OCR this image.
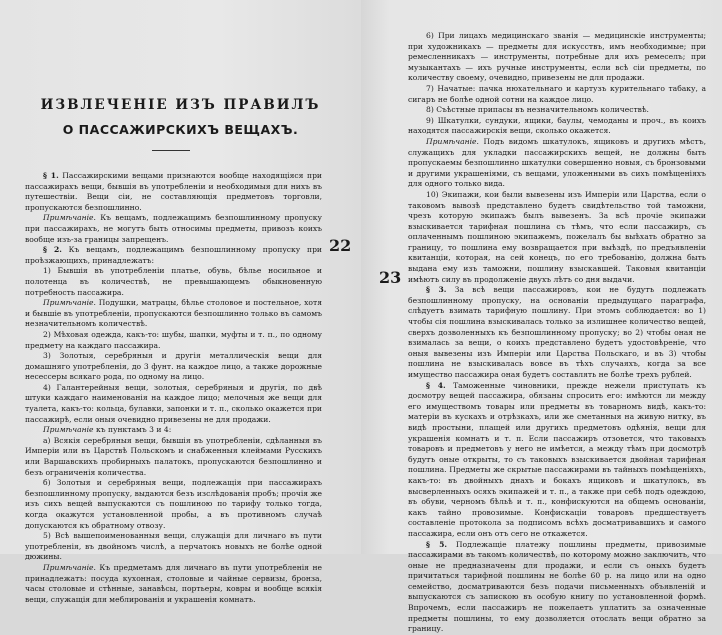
ИЗВЛЕЧЕНІЕ ИЗЪ ПРАВИЛЪ
О ПАССАЖИРСКИХЪ ВЕЩАХЪ.

§ 1. Пассажирскими вещами признаются вообще находящіяся при пассажирахъ вещи, бывшія въ употребленіи и необходимыя для нихъ въ путешествіи. Вещи сіи, не составляющія предметовъ торговли, пропускаются безпошлинно.

Примѣчаніе. Къ вещамъ, подлежащимъ безпошлинному пропуску при пассажирахъ, не могутъ быть относимы предметы, привозъ коихъ вообще изъ-за границы запрещенъ.

§ 2. Къ вещамъ, подлежащимъ безпошлинному пропуску при проѣзжающихъ, принадлежатъ:

1) Бывшія въ употребленіи платье, обувь, бѣлье носильное и полотенца въ количествѣ, не превышающемъ обыкновенную потребность пассажира.

Примѣчаніе. Подушки, матрацы, бѣлье столовое и постельное, хотя и бывшіе въ употребленіи, пропускаются безпошлинно только въ самомъ незначительномъ количествѣ.

2) Мѣховая одежда, какъ-то: шубы, шапки, муфты и т. п., по одному предмету на каждаго пассажира.

3) Золотыя, серебряныя и другія металлическія вещи для домашняго употребленія, до 3 фунт. на каждое лицо, а также дорожные несессеры всякаго рода, по одному на лицо.

4) Галантерейныя вещи, золотыя, серебряныя и другія, по двѣ штуки каждаго наименованія на каждое лицо; мелочныя же вещи для туалета, какъ-то: кольца, булавки, запонки и т. п., сколько окажется при пассажирѣ, если оныя очевидно привезены не для продажи.

Примѣчаніе къ пунктамъ 3 и 4:

а) Всякія серебряныя вещи, бывшія въ употребленіи, сдѣланныя въ Имперіи или въ Царствѣ Польскомъ и снабженныя клеймами Русскихъ или Варшавскихъ пробирныхъ палатокъ, пропускаются безпошлинно и безъ ограниченія количества.

б) Золотыя и серебряныя вещи, подлежащія при пассажирахъ безпошлинному пропуску, выдаются безъ изслѣдованія пробъ; прочія же изъ сихъ вещей выпускаются съ пошлиною по тарифу только тогда, когда окажутся установленной пробы, а въ противномъ случаѣ допускаются къ обратному отвозу.

5) Всѣ вышепоименованныя вещи, служащія для личнаго въ пути употребленія, въ двойномъ числѣ, а перчатокъ новыхъ не болѣе одной дюжины.

Примѣчаніе. Къ предметамъ для личнаго въ пути употребленія не принадлежатъ: посуда кухонная, столовые и чайные сервизы, бронза, часы столовые и стѣнные, занавѣсы, портьеры, ковры и вообще всякія вещи, служащія для меблированія и украшенія комнатъ.

22

6) При лицахъ медицинскаго званія — медицинскіе инструменты; при художникахъ — предметы для искусствъ, имъ необходимые; при ремесленникахъ — инструменты, потребные для ихъ ремеселъ; при музыкантахъ — ихъ ручные инструменты, если всѣ сіи предметы, по количеству своему, очевидно, привезены не для продажи.

7) Начатые: пачка нюхательнаго и картузъ курительнаго табаку, а сигаръ не болѣе одной сотни на каждое лицо.

8) Съѣстные припасы въ незначительномъ количествѣ.

9) Шкатулки, сундуки, ящики, баулы, чемоданы и проч., въ коихъ находятся пассажирскія вещи, сколько окажется.

Примѣчаніе. Подъ видомъ шкатулокъ, ящиковъ и другихъ мѣстъ, служащихъ для укладки пассажирскихъ вещей, не должны быть пропускаемы безпошлинно шкатулки совершенно новыя, съ бронзовыми и другими украшеніями, съ вещами, уложенными въ сихъ помѣщеніяхъ для одного только вида.

10) Экипажи, кои были вывезены изъ Имперіи или Царства, если о таковомъ вывозѣ представлено будетъ свидѣтельство той таможни, чрезъ которую экипажъ былъ вывезенъ. За всѣ прочіе экипажи взыскивается тарифная пошлина съ тѣмъ, что если пассажиръ, съ оплаченнымъ пошлиною экипажемъ, пожелалъ бы выѣхать обратно за границу, то пошлина ему возвращается при выѣздѣ, по предъявленіи квитанціи, которая, на сей конецъ, по его требованію, должна быть выдана ему изъ таможни, пошлину взыскавшей. Таковыя квитанціи имѣютъ силу въ продолженіе двухъ лѣтъ со дня выдачи.

§ 3. За всѣ вещи пассажировъ, кои не будутъ подлежать безпошлинному пропуску, на основаніи предыдущаго параграфа, слѣдуетъ взимать тарифную пошлину. При этомъ соблюдается: во 1) чтобы сія пошлина взыскивалась только за излишнее количество вещей, сверхъ дозволенныхъ къ безпошлинному пропуску; во 2) чтобы оная не взималась за вещи, о коихъ представлено будетъ удостовѣреніе, что оныя вывезены изъ Имперіи или Царства Польскаго, и въ 3) чтобы пошлина не взыскивалась вовсе въ тѣхъ случаяхъ, когда за все имущество пассажира оная будетъ составлять не болѣе трехъ рублей.

§ 4. Таможенные чиновники, прежде нежели приступать къ досмотру вещей пассажира, обязаны спросить его: имѣются ли между его имуществомъ товары или предметы въ товарномъ видѣ, какъ-то: матеріи въ кускахъ и отрѣзкахъ, или же сметанныя на живую нитку, въ видѣ простыни, плащей или другихъ предметовъ одѣянія, вещи для украшенія комнатъ и т. п. Если пассажиръ отзовется, что таковыхъ товаровъ и предметовъ у него не имѣется, а между тѣмъ при досмотрѣ будутъ оные открыты, то съ таковыхъ взыскивается двойная тарифная пошлина. Предметы же скрытые пассажирами въ тайныхъ помѣщеніяхъ, какъ-то: въ двойныхъ днахъ и бокахъ ящиковъ и шкатулокъ, въ высверленныхъ осяхъ экипажей и т. п., а также при себѣ подъ одеждою, въ обуви, черномъ бѣльѣ и т. п., конфискуются на общемъ основаніи, какъ тайно провозимые. Конфискаціи товаровъ предшествуетъ составленіе протокола за подписомъ всѣхъ досматривавшихъ и самого пассажира, если онъ отъ сего не откажется.

§ 5. Подлежащіе платежу пошлины предметы, привозимые пассажирами въ такомъ количествѣ, по которому можно заключить, что оные не предназначены для продажи, и если съ оныхъ будетъ причитаться тарифной пошлины не болѣе 60 р. на лицо или на одно семейство, досматриваются безъ подачи письменныхъ объявленій и выпускаются съ запискою въ особую книгу по установленной формѣ. Впрочемъ, если пассажиръ не пожелаетъ уплатить за означенные предметы пошлины, то ему дозволяется отослать вещи обратно за границу.

23
